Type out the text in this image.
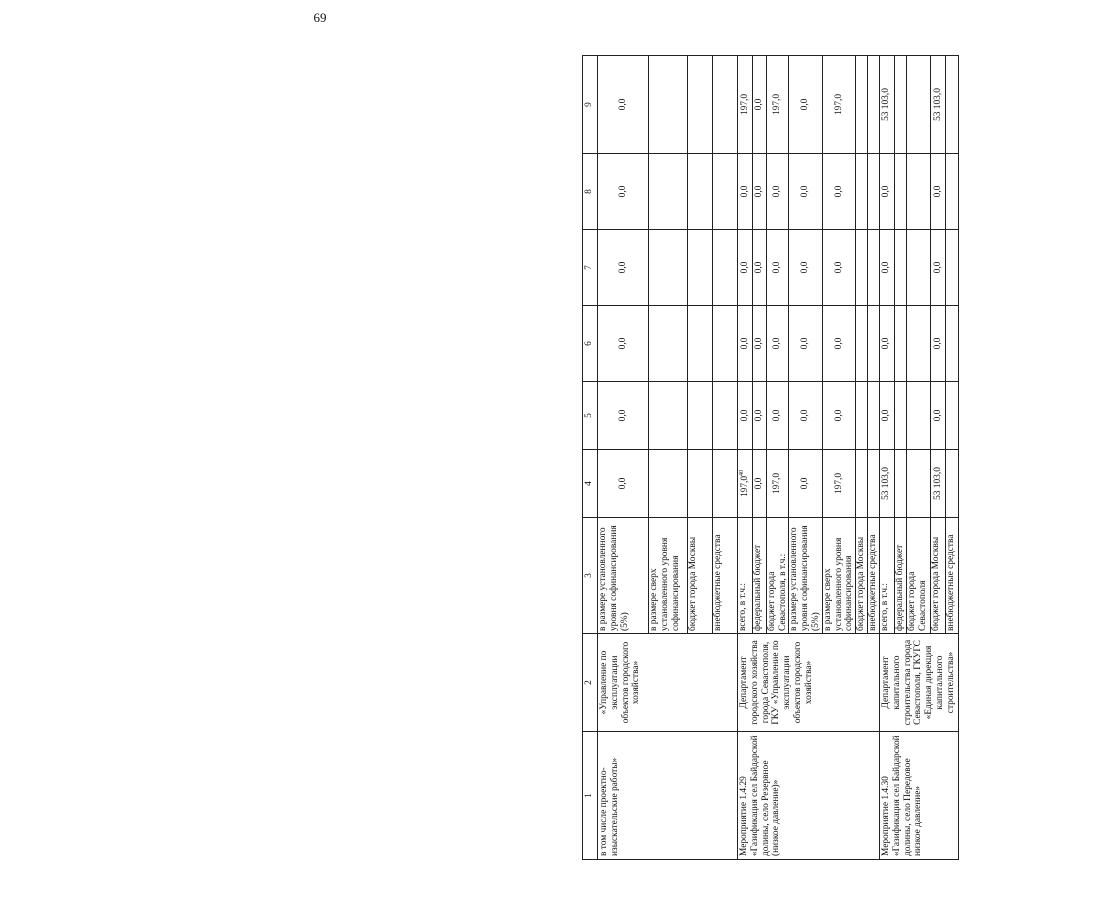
69
1	2	3	4	5	6	7	8	9
в том числе проектно-изыскательские работы»	«Управление по эксплуатации объектов городского хозяйства»	в размере установленного уровня софинансирования (5%)	0,0	0,0	0,0	0,0	0,0	0,0

		в размере сверх установленного уровня софинансирования						

		бюджет города Москвы						

		внебюджетные средства						

Мероприятие 1.4.29 «Газификация сел Байдарской долины, село Резервное (низкое давление)»	Департамент городского хозяйства города Севастополя, ГКУ «Управление по эксплуатации объектов городского хозяйства»	всего, в т.ч.:	197,0$^{40}$	0,0	0,0	0,0	0,0	197,0

		федеральный бюджет	0,0	0,0	0,0	0,0	0,0	0,0

		бюджет города Севастополя, в т.ч.:	197,0	0,0	0,0	0,0	0,0	197,0

		в размере установленного уровня софинансирования (5%)	0,0	0,0	0,0	0,0	0,0	0,0

		в размере сверх установленного уровня софинансирования	197,0	0,0	0,0	0,0	0,0	197,0

		бюджет города Москвы						

		внебюджетные средства						

Мероприятие 1.4.30 «Газификация сел Байдарской долины, село Передовое низкое давление»	Департамент капитального строительства города Севастополя, ГКУГС «Единая дирекция капитального строительства»	всего, в т.ч.:	53 103,0	0,0	0,0	0,0	0,0	53 103,0

		федеральный бюджет						

		бюджет города Севастополя						

		бюджет города Москвы	53 103,0	0,0	0,0	0,0	0,0	53 103,0

		внебюджетные средства						
